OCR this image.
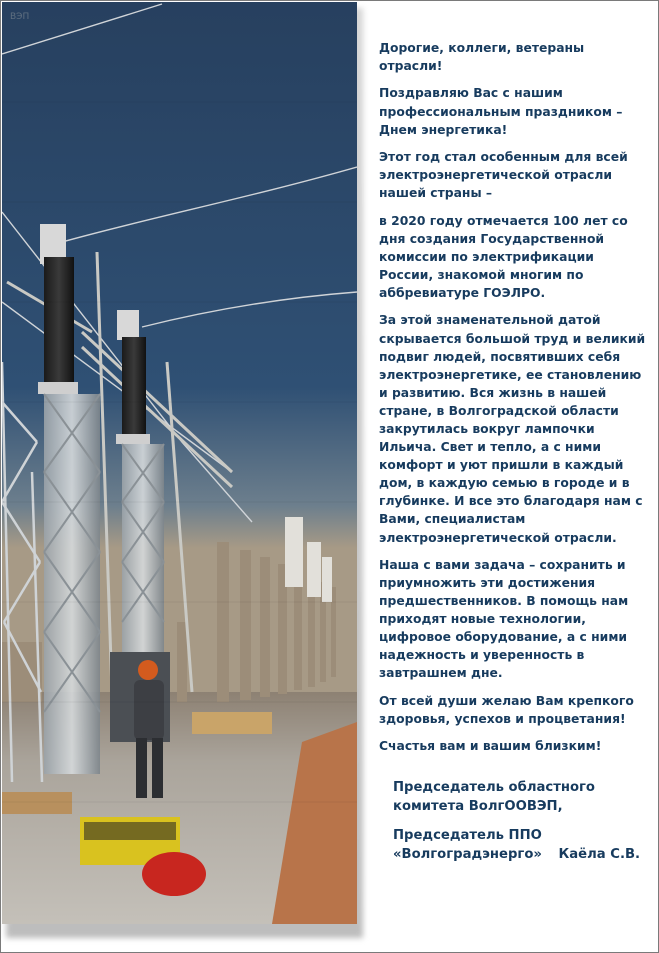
ВЭП

Дорогие, коллеги, ветераны отрасли!

Поздравляю Вас с нашим профессиональным праздником – Днем энергетика!

Этот год стал особенным для всей электроэнергетической отрасли нашей страны –

в 2020 году отмечается 100 лет со дня создания Государственной комиссии по электрификации России, знакомой многим по аббревиатуре ГОЭЛРО.

За этой знаменательной датой скрывается большой труд и великий подвиг людей, посвятивших себя электроэнергетике, ее становлению и развитию. Вся жизнь в нашей стране, в Волгоградской области закрутилась вокруг лампочки Ильича. Свет и тепло, а с ними комфорт и уют пришли в каждый дом, в каждую семью в городе и в глубинке. И все это благодаря нам с Вами, специалистам электроэнергетической отрасли.

Наша с вами задача – сохранить и приумножить эти достижения предшественников. В помощь нам приходят новые технологии, цифровое оборудование, а с ними надежность и уверенность в завтрашнем дне.

От всей души желаю Вам крепкого здоровья, успехов и процветания!

Счастья вам и вашим близким!

Председатель областного комитета ВолгООВЭП,

Председатель ППО «Волгоградэнерго» Каёла С.В.
